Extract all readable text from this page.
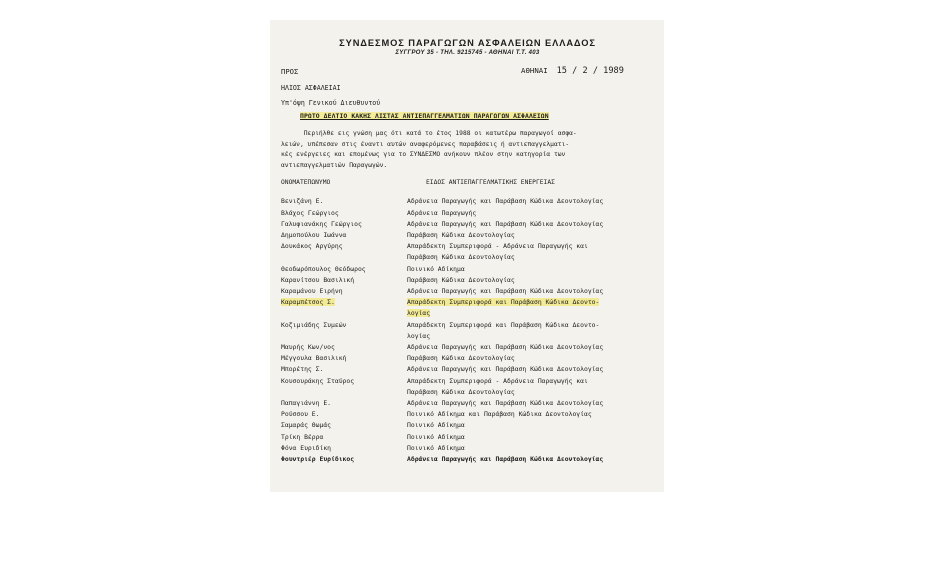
ΣΥΝΔΕΣΜΟΣ ΠΑΡΑΓΩΓΩΝ ΑΣΦΑΛΕΙΩΝ ΕΛΛΑΔΟΣ
ΣΥΓΓΡΟΥ 35 - ΤΗΛ. 9215745 - ΑΘΗΝΑΙ Τ.Τ. 403
ΠΡΟΣ	ΑΘΗΝΑΙ 15 / 2 / 1989
ΗΛΙΟΣ ΑΣΦΑΛΕΙΑΙ
Υπ'όψη Γενικού Διευθυντού
ΠΡΩΤΟ ΔΕΛΤΙΟ ΚΑΚΗΣ ΛΙΣΤΑΣ ΑΝΤΙΕΠΑΓΓΕΛΜΑΤΙΩΝ ΠΑΡΑΓΩΓΩΝ ΑΣΦΑΛΕΙΩΝ
Περιήλθε εις γνώση μας ότι κατά το έτος 1988 οι κατωτέρω παραγωγοί ασφα-
λειών, υπέπεσαν στις έναντι αυτών αναφερόμενες παραβάσεις ή αντιεπαγγελματι-
κές ενέργειες και επομένως για το ΣΥΝΔΕΣΜΟ ανήκουν πλέον στην κατηγορία των
αντιεπαγγελματιών Παραγωγών.
ΟΝΟΜΑΤΕΠΩΝΥΜΟ	ΕΙΔΟΣ ΑΝΤΙΕΠΑΓΓΕΛΜΑΤΙΚΗΣ ΕΝΕΡΓΕΙΑΣ
Βενιζάνη Ε.	Αδράνεια Παραγωγής και Παράβαση Κώδικα Δεοντολογίας
Βλάχος Γεώργιος	Αδράνεια Παραγωγής
Γαλυφιανάκης Γεώργιος	Αδράνεια Παραγωγής και Παράβαση Κώδικα Δεοντολογίας
Δημοπούλου Ιωάννα	Παράβαση Κώδικα Δεοντολογίας
Δουκάκος Αργύρης	Απαράδεκτη Συμπεριφορά - Αδράνεια Παραγωγής και
Παράβαση Κώδικα Δεοντολογίας
Θεοδωρόπουλος Θεόδωρος	Ποινικό Αδίκημα
Καρανίτσου Βασιλική	Παράβαση Κώδικα Δεοντολογίας
Καραμάνου Ειρήνη	Αδράνεια Παραγωγής και Παράβαση Κώδικα Δεοντολογίας
Καραμπέτσος Σ.	Απαράδεκτη Συμπεριφορά και Παράβαση Κώδικα Δεοντο-
λογίας
Κοζιμιάδης Συμεών	Απαράδεκτη Συμπεριφορά και Παράβαση Κώδικα Δεοντο-
λογίας
Μαυρής Κων/νος	Αδράνεια Παραγωγής και Παράβαση Κώδικα Δεοντολογίας
Μέγγουλα Βασιλική	Παράβαση Κώδικα Δεοντολογίας
Μπορέτης Σ.	Αδράνεια Παραγωγής και Παράβαση Κώδικα Δεοντολογίας
Κουσουράκης Σταύρος	Απαράδεκτη Συμπεριφορά - Αδράνεια Παραγωγής και
Παράβαση Κώδικα Δεοντολογίας
Παπαγιάννη Ε.	Αδράνεια Παραγωγής και Παράβαση Κώδικα Δεοντολογίας
Ρούσσου Ε.	Ποινικό Αδίκημα και Παράβαση Κώδικα Δεοντολογίας
Σαμαράς Θωμάς	Ποινικό Αδίκημα
Τρίκη Βέρρα	Ποινικό Αδίκημα
Φόνα Ευριδίκη	Ποινικό Αδίκημα
Φουντριέρ Ευρίδικος	Αδράνεια Παραγωγής και Παράβαση Κώδικα Δεοντολογίας
